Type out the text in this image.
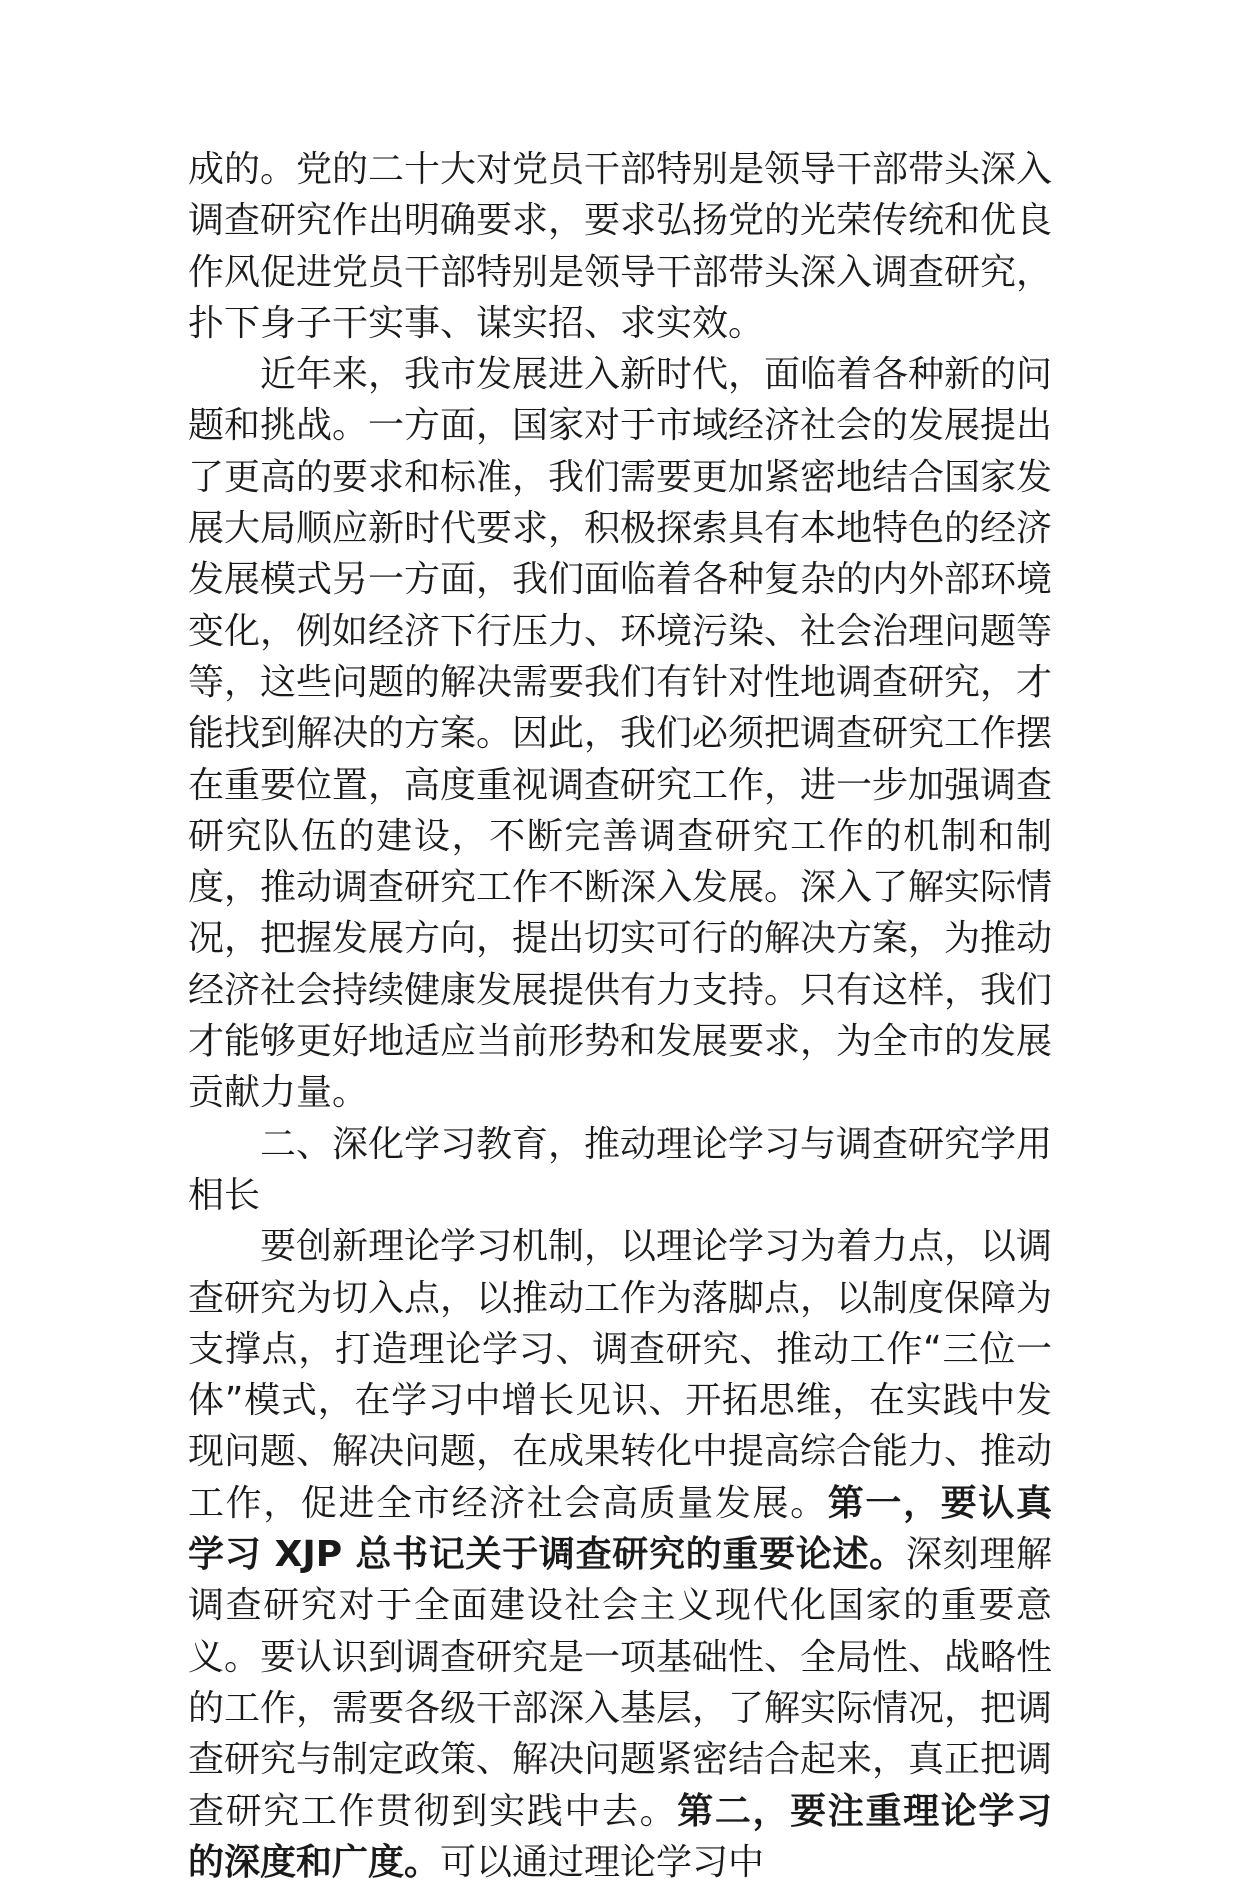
成的。党的二十大对党员干部特别是领导干部带头深入调查研究作出明确要求，要求弘扬党的光荣传统和优良作风促进党员干部特别是领导干部带头深入调查研究，扑下身子干实事、谋实招、求实效。

近年来，我市发展进入新时代，面临着各种新的问题和挑战。一方面，国家对于市域经济社会的发展提出了更高的要求和标准，我们需要更加紧密地结合国家发展大局顺应新时代要求，积极探索具有本地特色的经济发展模式另一方面，我们面临着各种复杂的内外部环境变化，例如经济下行压力、环境污染、社会治理问题等等，这些问题的解决需要我们有针对性地调查研究，才能找到解决的方案。因此，我们必须把调查研究工作摆在重要位置，高度重视调查研究工作，进一步加强调查研究队伍的建设，不断完善调查研究工作的机制和制度，推动调查研究工作不断深入发展。深入了解实际情况，把握发展方向，提出切实可行的解决方案，为推动经济社会持续健康发展提供有力支持。只有这样，我们才能够更好地适应当前形势和发展要求，为全市的发展贡献力量。

二、深化学习教育，推动理论学习与调查研究学用相长

要创新理论学习机制，以理论学习为着力点，以调查研究为切入点，以推动工作为落脚点，以制度保障为支撑点，打造理论学习、调查研究、推动工作“三位一体”模式，在学习中增长见识、开拓思维，在实践中发现问题、解决问题，在成果转化中提高综合能力、推动工作，促进全市经济社会高质量发展。第一，要认真学习 XJP 总书记关于调查研究的重要论述。深刻理解调查研究对于全面建设社会主义现代化国家的重要意义。要认识到调查研究是一项基础性、全局性、战略性的工作，需要各级干部深入基层，了解实际情况，把调查研究与制定政策、解决问题紧密结合起来，真正把调查研究工作贯彻到实践中去。第二，要注重理论学习的深度和广度。可以通过理论学习中
